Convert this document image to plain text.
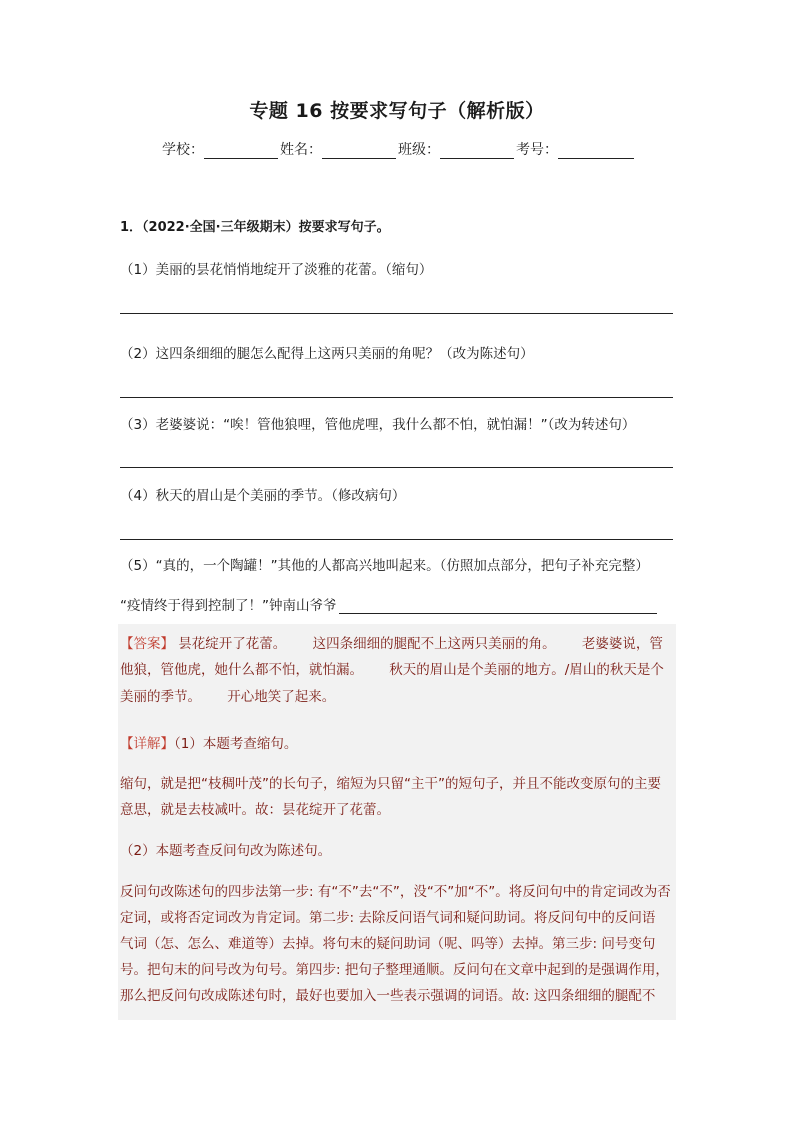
专题 16 按要求写句子（解析版）
学校：	姓名：	班级：	考号：
1．（2022·全国·三年级期末）按要求写句子。
（1）美丽的昙花悄悄地绽开了淡雅的花蕾。（缩句）
（2）这四条细细的腿怎么配得上这两只美丽的角呢？（改为陈述句）
（3）老婆婆说：“唉！管他狼哩，管他虎哩，我什么都不怕，就怕漏！”（改为转述句）
（4）秋天的眉山是个美丽的季节。（修改病句）
（5）“真的，一个陶罐！”其他的人都高兴地叫起来。（仿照加点部分，把句子补充完整）
“疫情终于得到控制了！”钟南山爷爷

【答案】 昙花绽开了花蕾。 这四条细细的腿配不上这两只美丽的角。 老婆婆说，管

他狼，管他虎，她什么都不怕，就怕漏。 秋天的眉山是个美丽的地方。/眉山的秋天是个

美丽的季节。 开心地笑了起来。

【详解】（1）本题考查缩句。

缩句，就是把“枝稠叶茂”的长句子，缩短为只留“主干”的短句子，并且不能改变原句的主要

意思，就是去枝减叶。故：昙花绽开了花蕾。

（2）本题考查反问句改为陈述句。

反问句改陈述句的四步法第一步: 有“不”去“不”，没“不”加“不”。将反问句中的肯定词改为否

定词，或将否定词改为肯定词。第二步: 去除反问语气词和疑问助词。将反问句中的反问语

气词（怎、怎么、难道等）去掉。将句末的疑问助词（呢、吗等）去掉。第三步: 问号变句

号。把句末的问号改为句号。第四步: 把句子整理通顺。反问句在文章中起到的是强调作用，

那么把反问句改成陈述句时，最好也要加入一些表示强调的词语。故: 这四条细细的腿配不
